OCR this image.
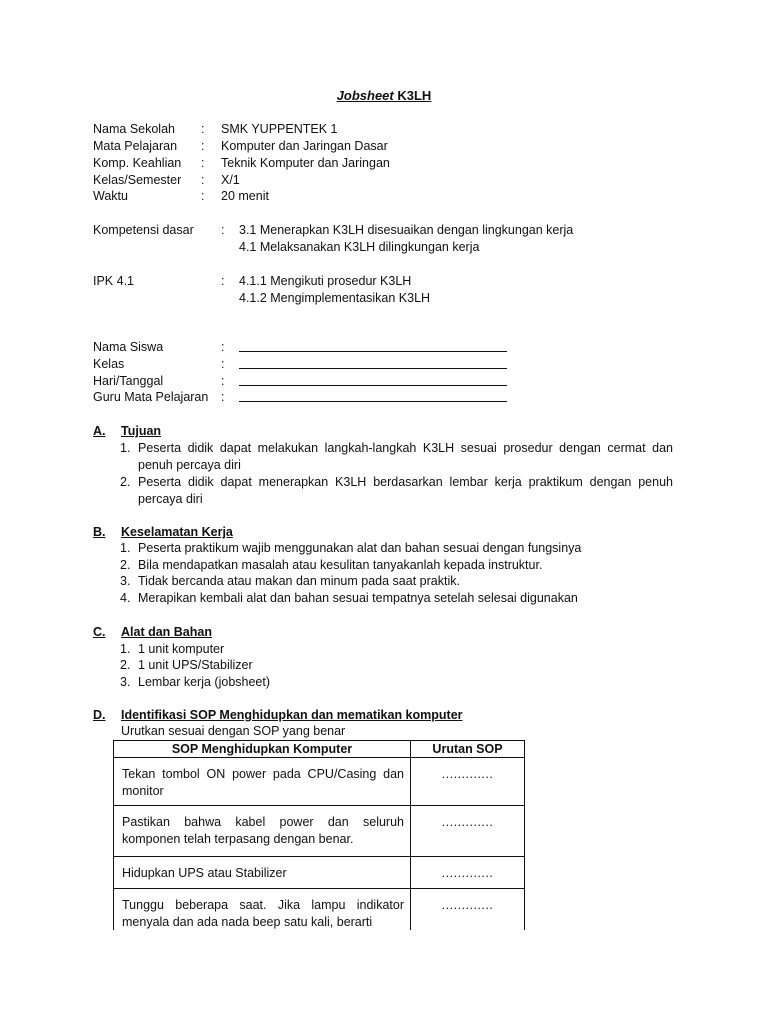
Jobsheet K3LH
Nama Sekolah : SMK YUPPENTEK 1
Mata Pelajaran : Komputer dan Jaringan Dasar
Komp. Keahlian : Teknik Komputer dan Jaringan
Kelas/Semester : X/1
Waktu	: 20 menit
Kompetensi dasar : 3.1 Menerapkan K3LH disesuaikan dengan lingkungan kerja
4.1 Melaksanakan K3LH dilingkungan kerja
IPK 4.1	: 4.1.1 Mengikuti prosedur K3LH
4.1.2 Mengimplementasikan K3LH
Nama Siswa	:
Kelas	:
Hari/Tanggal	:
Guru Mata Pelajaran :
A. Tujuan
1. Peserta didik dapat melakukan langkah-langkah K3LH sesuai prosedur dengan cermat dan penuh percaya diri
2. Peserta didik dapat menerapkan K3LH berdasarkan lembar kerja praktikum dengan penuh percaya diri
B. Keselamatan Kerja
1. Peserta praktikum wajib menggunakan alat dan bahan sesuai dengan fungsinya
2. Bila mendapatkan masalah atau kesulitan tanyakanlah kepada instruktur.
3. Tidak bercanda atau makan dan minum pada saat praktik.
4. Merapikan kembali alat dan bahan sesuai tempatnya setelah selesai digunakan
C. Alat dan Bahan
1. 1 unit komputer
2. 1 unit UPS/Stabilizer
3. Lembar kerja (jobsheet)
D. Identifikasi SOP Menghidupkan dan mematikan komputer
Urutkan sesuai dengan SOP yang benar
SOP Menghidupkan Komputer	Urutan SOP
Tekan tombol ON power pada CPU/Casing dan monitor	.............
Pastikan bahwa kabel power dan seluruh komponen telah terpasang dengan benar.	.............
Hidupkan UPS atau Stabilizer	.............
Tunggu beberapa saat. Jika lampu indikator menyala dan ada nada beep satu kali, berarti	.............
